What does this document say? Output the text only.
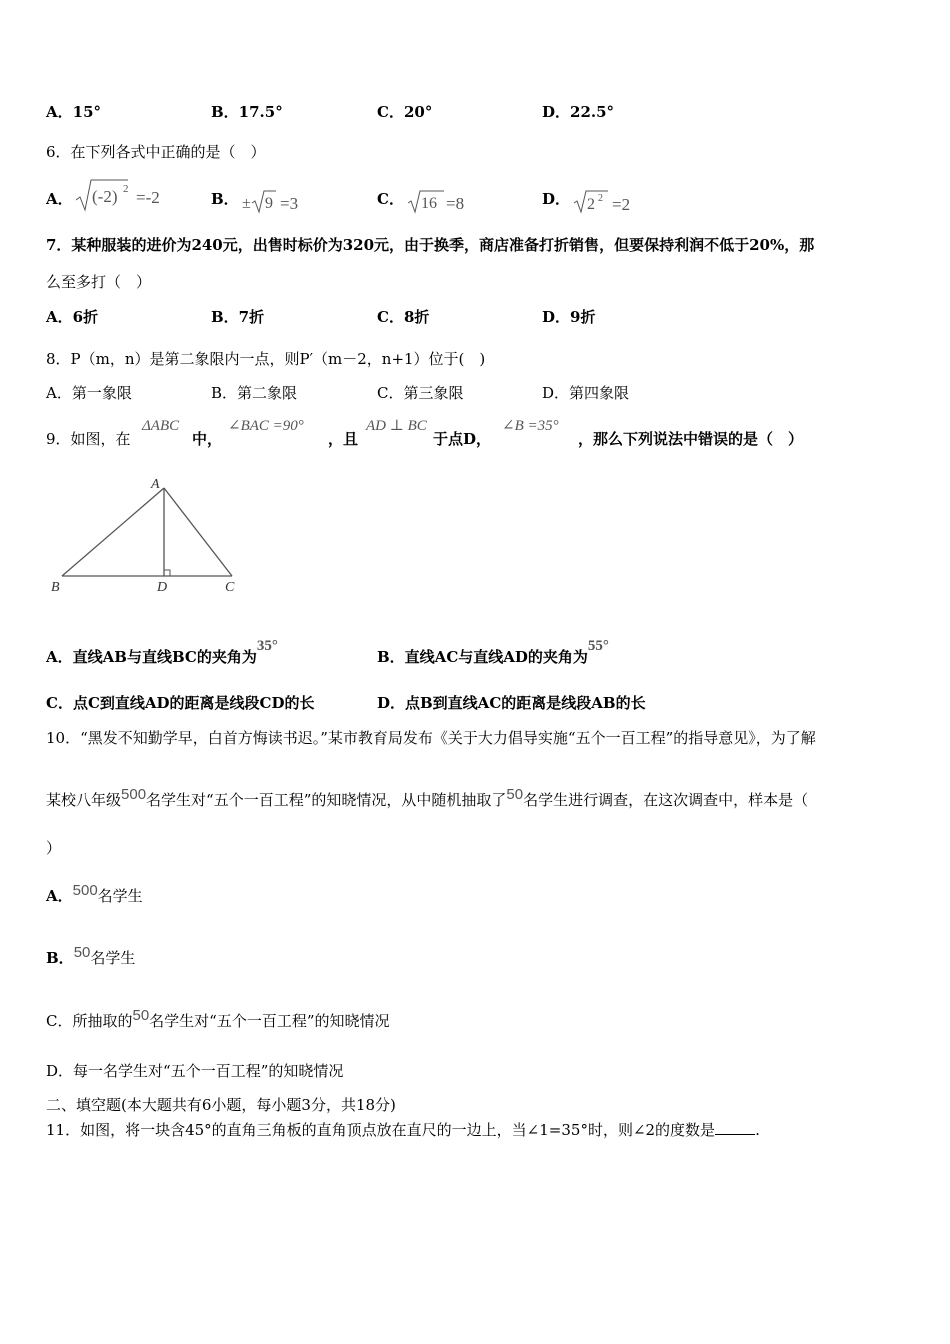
A．15°	B．17.5°	C．20°	D．22.5°
6．在下列各式中正确的是（　）
A． (-2) 2 =-2	B． ± 9 =3	C． 16 =8	D． 2 2 =2
7．某种服装的进价为240元，出售时标价为320元，由于换季，商店准备打折销售，但要保持利润不低于20%，那
么至多打（　）
A．6折	B．7折	C．8折	D．9折
8．P（m，n）是第二象限内一点，则P′（m－2，n+1）位于(　)
A．第一象限	B．第二象限	C．第三象限	D．第四象限
9．如图，在
ΔABC
中，
∠BAC =90°
，且
AD ⊥ BC
于点D，
∠B =35°
，那么下列说法中错误的是（　）
A
B	D	C
A．直线AB与直线BC的夹角为35°
B．直线AC与直线AD的夹角为55°
C．点C到直线AD的距离是线段CD的长	D．点B到直线AC的距离是线段AB的长
10．“黑发不知勤学早，白首方悔读书迟。”某市教育局发布《关于大力倡导实施“五个一百工程”的指导意见》，为了解
某校八年级500名学生对“五个一百工程”的知晓情况，从中随机抽取了50名学生进行调查，在这次调查中，样本是（
）
A．500名学生
B．50名学生
C．所抽取的50名学生对“五个一百工程”的知晓情况
D．每一名学生对“五个一百工程”的知晓情况
二、填空题(本大题共有6小题，每小题3分，共18分)
11．如图，将一块含45°的直角三角板的直角顶点放在直尺的一边上，当∠1=35°时，则∠2的度数是	.
